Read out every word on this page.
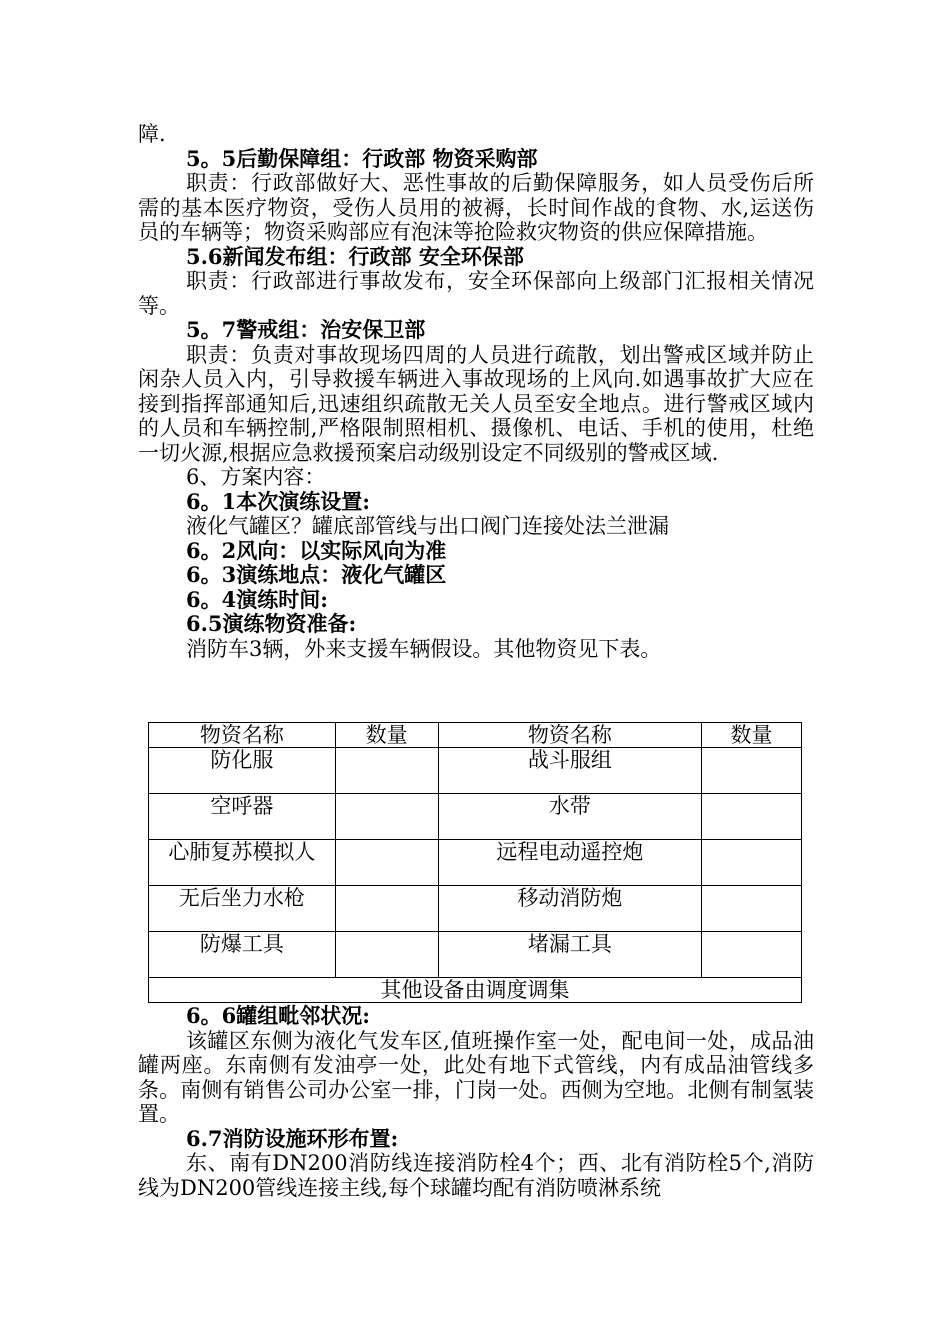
障.
5。5后勤保障组：行政部 物资采购部
职责：行政部做好大、恶性事故的后勤保障服务，如人员受伤后所需的基本医疗物资，受伤人员用的被褥，长时间作战的食物、水,运送伤员的车辆等；物资采购部应有泡沫等抢险救灾物资的供应保障措施。
5.6新闻发布组：行政部 安全环保部
职责：行政部进行事故发布，安全环保部向上级部门汇报相关情况等。
5。7警戒组：治安保卫部
职责：负责对事故现场四周的人员进行疏散，划出警戒区域并防止闲杂人员入内，引导救援车辆进入事故现场的上风向.如遇事故扩大应在接到指挥部通知后,迅速组织疏散无关人员至安全地点。进行警戒区域内的人员和车辆控制,严格限制照相机、摄像机、电话、手机的使用，杜绝一切火源,根据应急救援预案启动级别设定不同级别的警戒区域.
6、方案内容：
6。1本次演练设置:
液化气罐区？罐底部管线与出口阀门连接处法兰泄漏
6。2风向：以实际风向为准
6。3演练地点：液化气罐区
6。4演练时间:
6.5演练物资准备:
消防车3辆，外来支援车辆假设。其他物资见下表。
物资名称	数量	物资名称	数量
防化服		战斗服组	
空呼器		水带	
心肺复苏模拟人		远程电动遥控炮	
无后坐力水枪		移动消防炮	
防爆工具		堵漏工具	
其他设备由调度调集			
6。6罐组毗邻状况:
该罐区东侧为液化气发车区,值班操作室一处，配电间一处，成品油罐两座。东南侧有发油亭一处，此处有地下式管线，内有成品油管线多条。南侧有销售公司办公室一排，门岗一处。西侧为空地。北侧有制氢装置。
6.7消防设施环形布置:
东、南有DN200消防线连接消防栓4个；西、北有消防栓5个,消防线为DN200管线连接主线,每个球罐均配有消防喷淋系统
